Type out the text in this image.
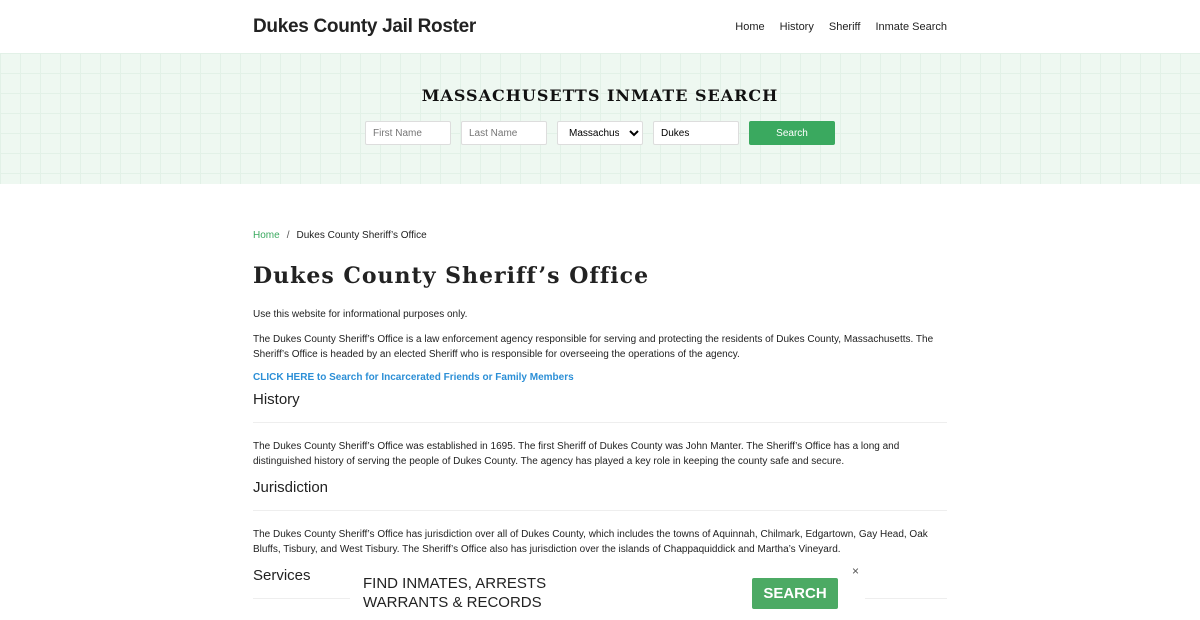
Dukes County Jail Roster	Home History Sheriff Inmate Search
MASSACHUSETTS INMATE SEARCH
First Name
Last Name
Massachusetts
Dukes
Search
Home / Dukes County Sheriff’s Office
Dukes County Sheriff’s Office

Use this website for informational purposes only.

The Dukes County Sheriff’s Office is a law enforcement agency responsible for serving and protecting the residents of Dukes County, Massachusetts. The Sheriff’s Office is headed by an elected Sheriff who is responsible for overseeing the operations of the agency.

CLICK HERE to Search for Incarcerated Friends or Family Members
History

The Dukes County Sheriff’s Office was established in 1695. The first Sheriff of Dukes County was John Manter. The Sheriff’s Office has a long and distinguished history of serving the people of Dukes County. The agency has played a key role in keeping the county safe and secure.

Jurisdiction

The Dukes County Sheriff’s Office has jurisdiction over all of Dukes County, which includes the towns of Aquinnah, Chilmark, Edgartown, Gay Head, Oak Bluffs, Tisbury, and West Tisbury. The Sheriff’s Office also has jurisdiction over the islands of Chappaquiddick and Martha’s Vineyard.

Services	FIND INMATES, ARRESTS
WARRANTS & RECORDS
SEARCH
×
